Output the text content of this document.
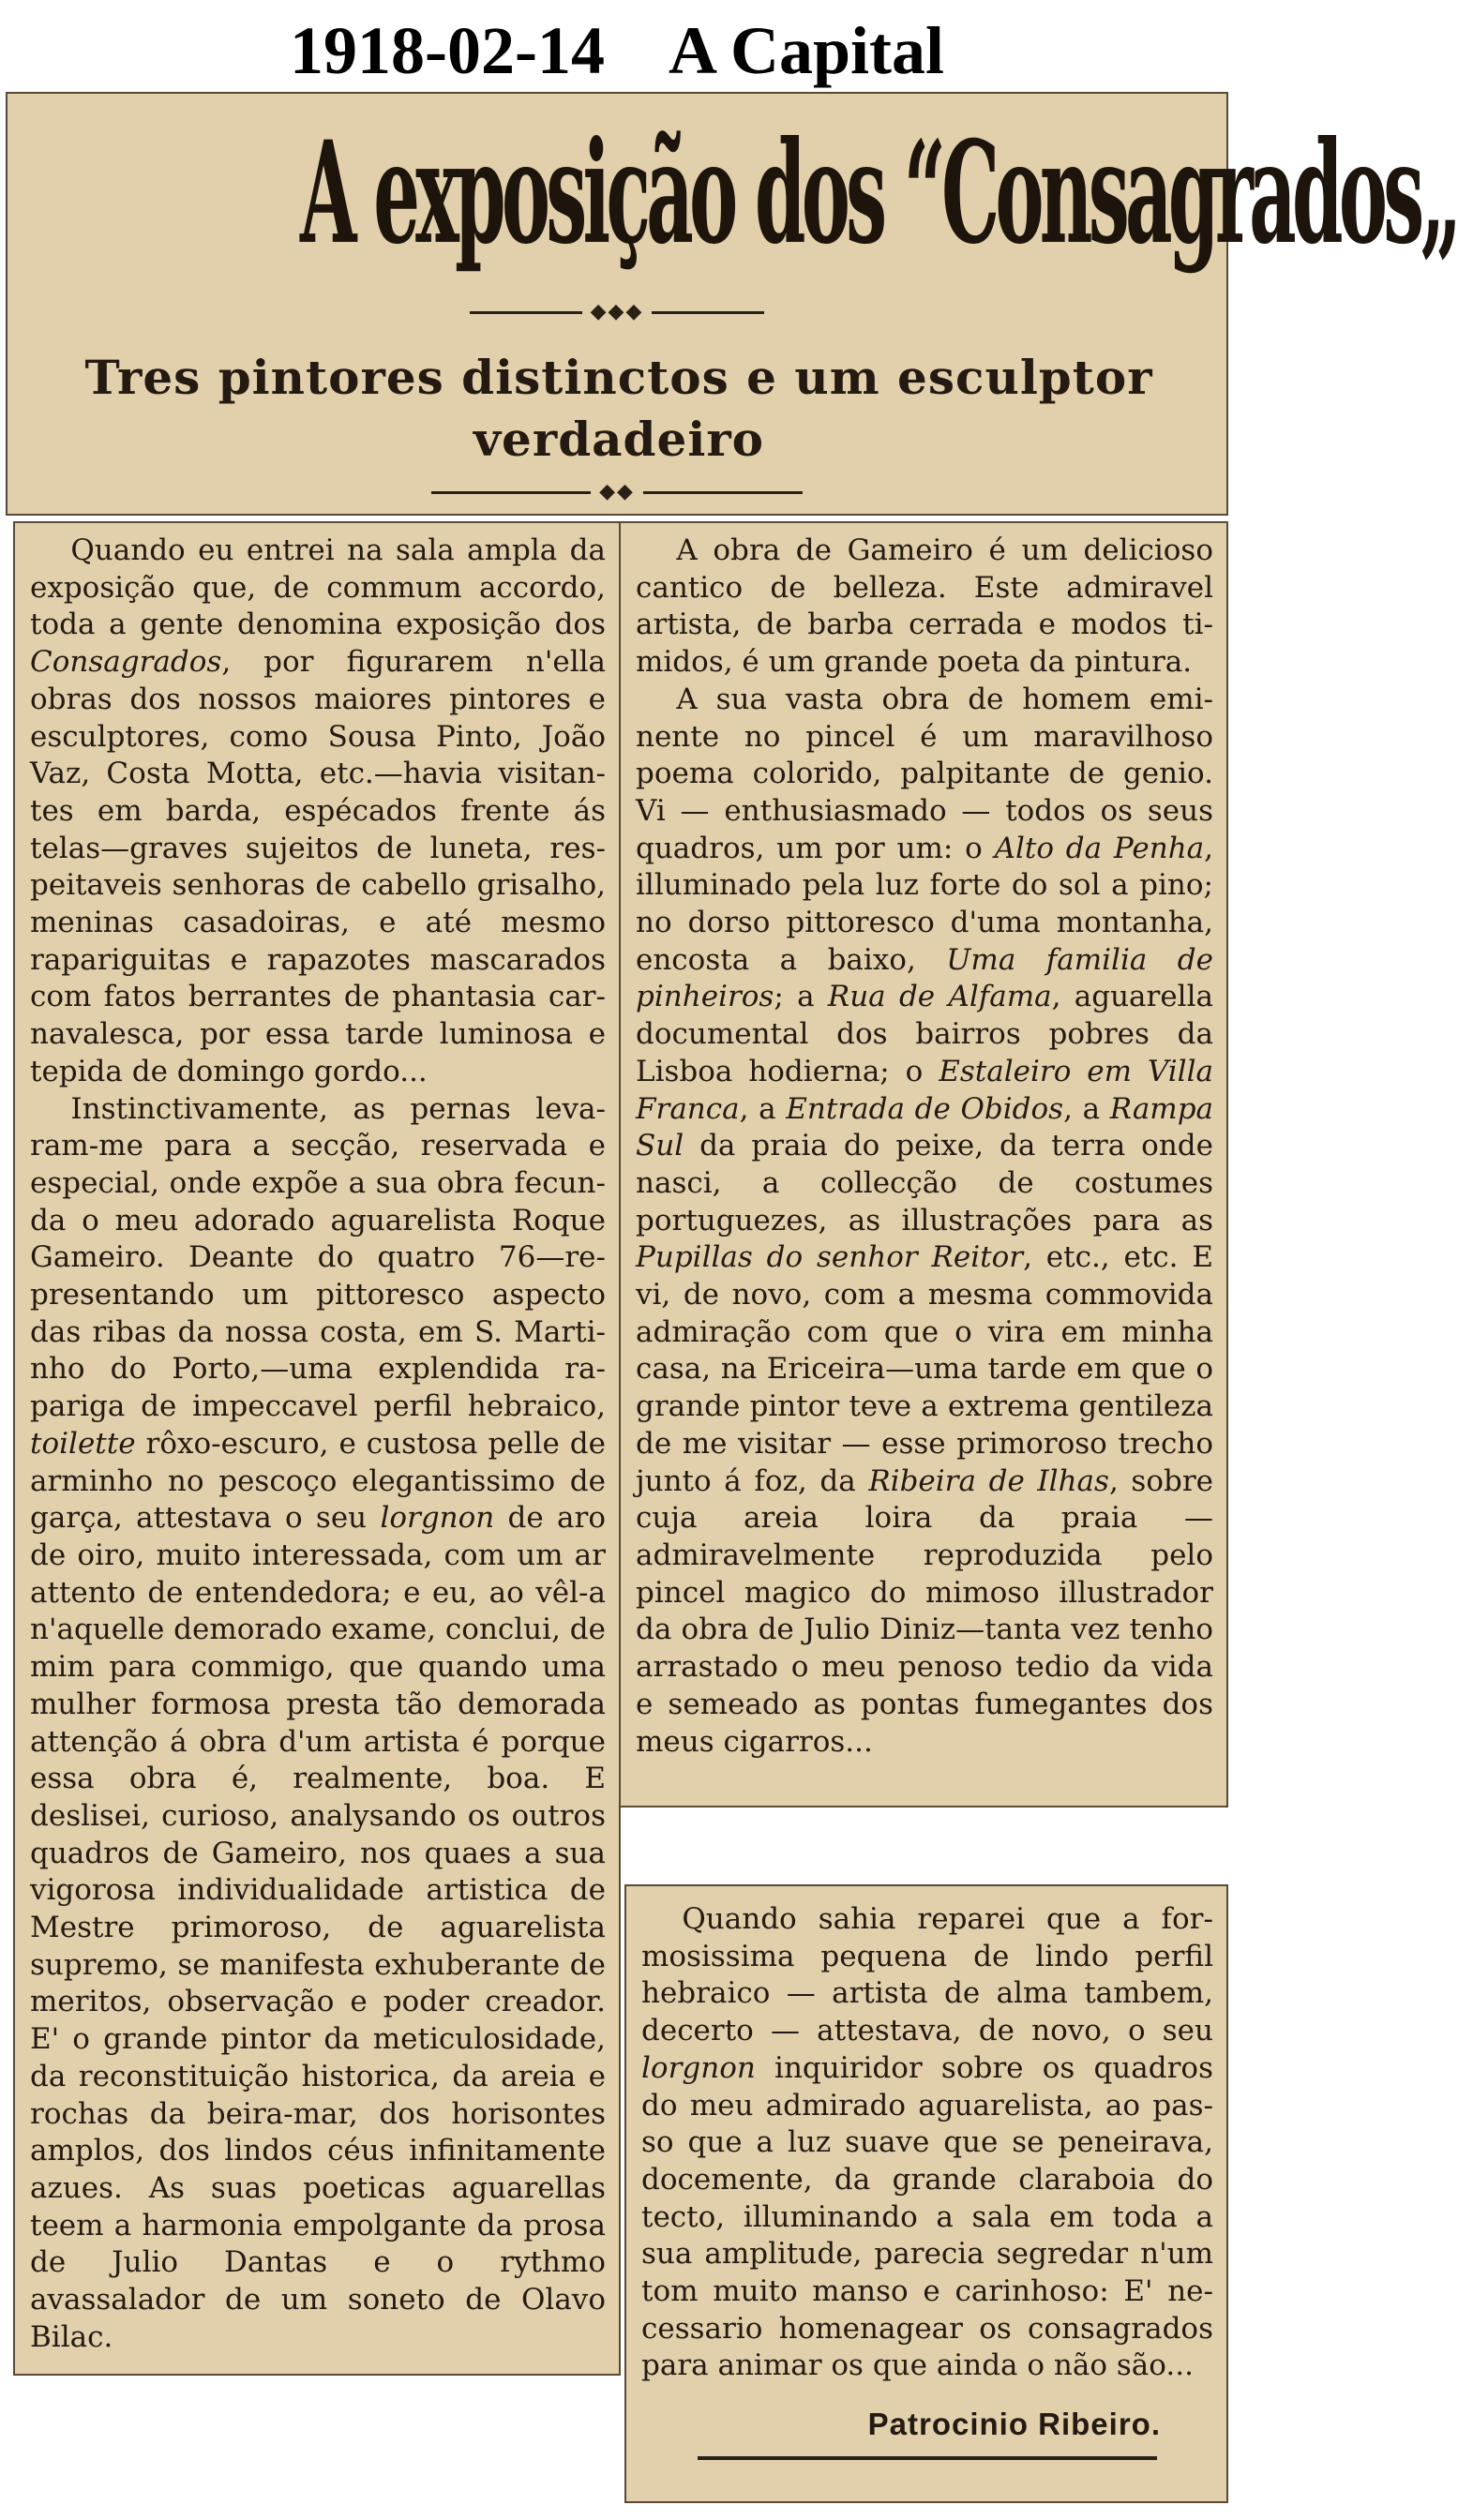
1918-02-14 A Capital
A exposição dos “Consagrados„
◆◆◆
Tres pintores distinctos e um esculptor verdadeiro
◆◆

Quando eu entrei na sala ampla da exposição que, de commum accordo, toda a gente denomina exposição dos Consagrados, por figurarem n'ella obras dos nossos maiores pintores e esculptores, como Sousa Pinto, João Vaz, Costa Motta, etc.—havia visitantes em barda, espécados frente ás telas—graves sujeitos de luneta, respeitaveis senhoras de cabello grisalho, meninas casadoiras, e até mesmo rapariguitas e rapazotes mascarados com fatos berrantes de phantasia carnavalesca, por essa tarde luminosa e tepida de domingo gordo...

Instinctivamente, as pernas levaram-me para a secção, reservada e especial, onde expõe a sua obra fecunda o meu adorado aguarelista Roque Gameiro. Deante do quatro 76—representando um pittoresco aspecto das ribas da nossa costa, em S. Martinho do Porto,—uma explendida rapariga de impeccavel perfil hebraico, toilette rôxo-escuro, e custosa pelle de arminho no pescoço elegantissimo de garça, attestava o seu lorgnon de aro de oiro, muito interessada, com um ar attento de entendedora; e eu, ao vêl-a n'aquelle demorado exame, conclui, de mim para commigo, que quando uma mulher formosa presta tão demorada attenção á obra d'um artista é porque essa obra é, realmente, boa. E deslisei, curioso, analysando os outros quadros de Gameiro, nos quaes a sua vigorosa individualidade artistica de Mestre primoroso, de aguarelista supremo, se manifesta exhuberante de meritos, observação e poder creador. E' o grande pintor da meticulosidade, da reconstituição historica, da areia e rochas da beira-mar, dos horisontes amplos, dos lindos céus infinitamente azues. As suas poeticas aguarellas teem a harmonia empolgante da prosa de Julio Dantas e o rythmo avassalador de um soneto de Olavo Bilac.

A obra de Gameiro é um delicioso cantico de belleza. Este admiravel artista, de barba cerrada e modos timidos, é um grande poeta da pintura.

A sua vasta obra de homem eminente no pincel é um maravilhoso poema colorido, palpitante de genio. Vi — enthusiasmado — todos os seus quadros, um por um: o Alto da Penha, illuminado pela luz forte do sol a pino; no dorso pittoresco d'uma montanha, encosta a baixo, Uma familia de pinheiros; a Rua de Alfama, aguarella documental dos bairros pobres da Lisboa hodierna; o Estaleiro em Villa Franca, a Entrada de Obidos, a Rampa Sul da praia do peixe, da terra onde nasci, a collecção de costumes portuguezes, as illustrações para as Pupillas do senhor Reitor, etc., etc. E vi, de novo, com a mesma commovida admiração com que o vira em minha casa, na Ericeira—uma tarde em que o grande pintor teve a extrema gentileza de me visitar — esse primoroso trecho junto á foz, da Ribeira de Ilhas, sobre cuja areia loira da praia — admiravelmente reproduzida pelo pincel magico do mimoso illustrador da obra de Julio Diniz—tanta vez tenho arrastado o meu penoso tedio da vida e semeado as pontas fumegantes dos meus cigarros...

Quando sahia reparei que a formosissima pequena de lindo perfil hebraico — artista de alma tambem, decerto — attestava, de novo, o seu lorgnon inquiridor sobre os quadros do meu admirado aguarelista, ao passo que a luz suave que se peneirava, docemente, da grande claraboia do tecto, illuminando a sala em toda a sua amplitude, parecia segredar n'um tom muito manso e carinhoso: E' necessario homenagear os consagrados para animar os que ainda o não são...

Patrocinio Ribeiro.
